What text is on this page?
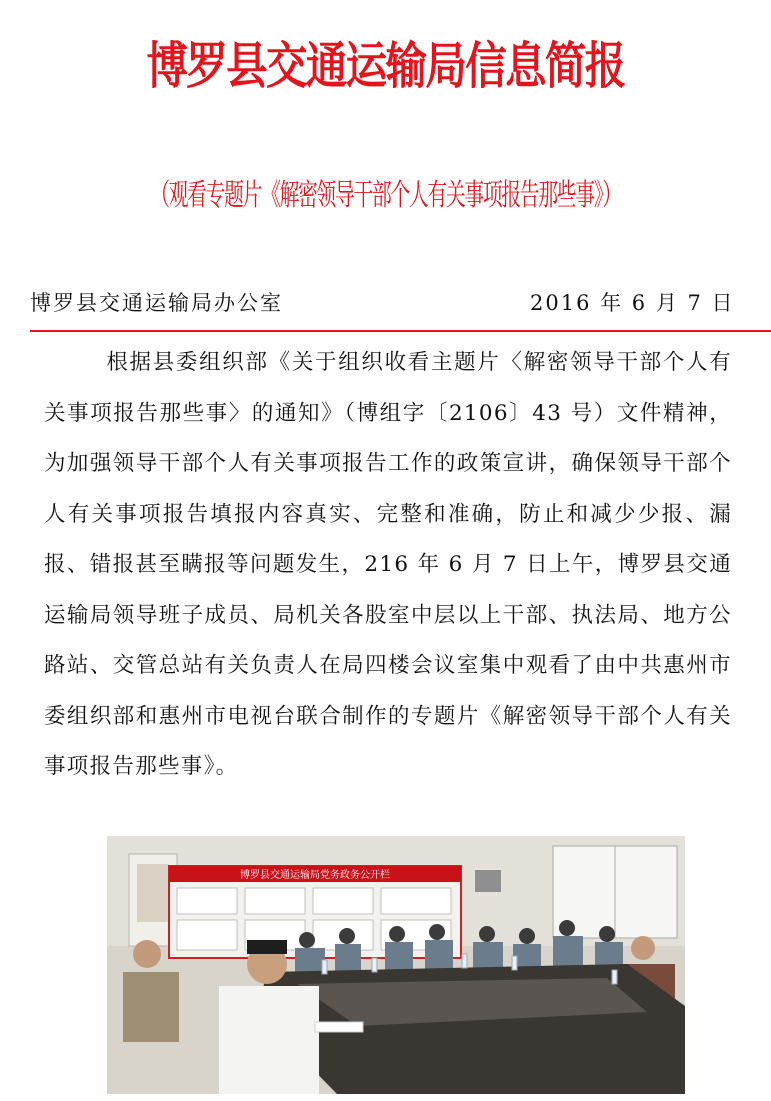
博罗县交通运输局信息简报
（观看专题片《解密领导干部个人有关事项报告那些事》）
博罗县交通运输局办公室	2016 年 6 月 7 日

根据县委组织部《关于组织收看主题片〈解密领导干部个人有关事项报告那些事〉的通知》（博组字〔2106〕43 号）文件精神，为加强领导干部个人有关事项报告工作的政策宣讲，确保领导干部个人有关事项报告填报内容真实、完整和准确，防止和减少少报、漏报、错报甚至瞒报等问题发生，216 年 6 月 7 日上午，博罗县交通运输局领导班子成员、局机关各股室中层以上干部、执法局、地方公路站、交管总站有关负责人在局四楼会议室集中观看了由中共惠州市委组织部和惠州市电视台联合制作的专题片《解密领导干部个人有关事项报告那些事》。

博罗县交通运输局党务政务公开栏
